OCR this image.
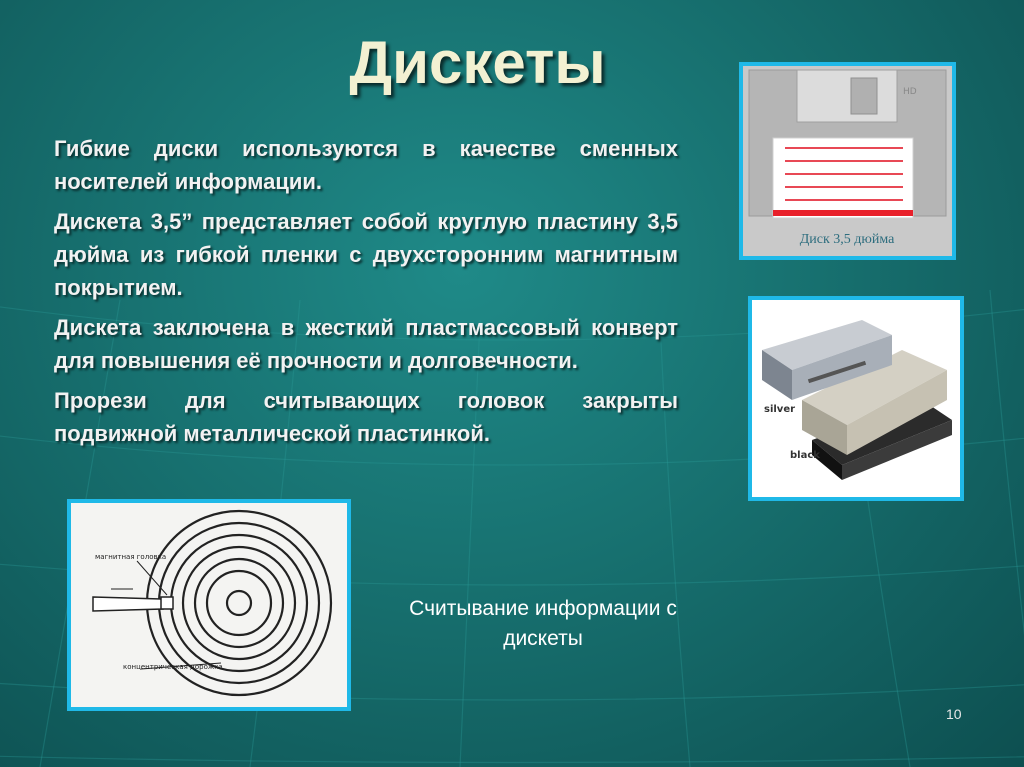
Дискеты

Гибкие диски используются в качестве сменных носителей информации.

Дискета 3,5” представляет собой круглую пластину 3,5 дюйма из гибкой пленки с двухсторонним магнитным покрытием.

Дискета заключена в жесткий пластмассовый конверт для повышения её прочности и долговечности.

Прорези для считывающих головок закрыты подвижной металлической пластинкой.

HD
Диск 3,5 дюйма
silver
black
магнитная головка
концентрическая дорожка
Считывание информации с дискеты
10
